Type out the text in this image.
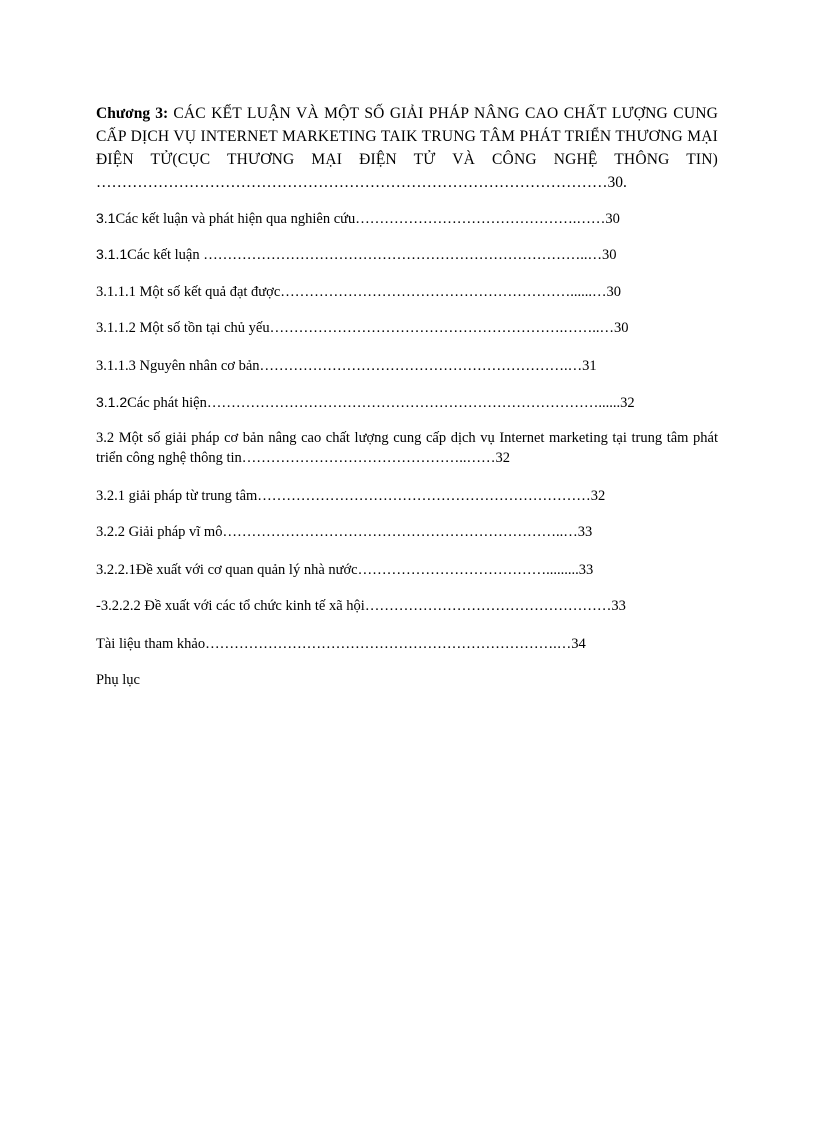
Chương 3: CÁC KẾT LUẬN VÀ MỘT SỐ GIẢI PHÁP NÂNG CAO CHẤT LƯỢNG CUNG CẤP DỊCH VỤ INTERNET MARKETING TAIK TRUNG TÂM PHÁT TRIỂN THƯƠNG MẠI ĐIỆN TỬ(CỤC THƯƠNG MẠI ĐIỆN TỬ VÀ CÔNG NGHỆ THÔNG TIN) ………………………………………………………………………………………30.

3.1Các kết luận và phát hiện qua nghiên cứu……………………………………….……30

3.1.1Các kết luận ……………………………………………………………………..…30

3.1.1.1 Một số kết quả đạt được……………………………………………………......…30

3.1.1.2 Một số tồn tại chủ yếu…………………………………………………….……..…30

3.1.1.3 Nguyên nhân cơ bản……………………………………………………….…31

3.1.2Các phát hiện………………………………………………………………………......32

3.2 Một số giải pháp cơ bản nâng cao chất lượng cung cấp dịch vụ Internet marketing tại trung tâm phát triển công nghệ thông tin………………………………………..……32

3.2.1 giải pháp từ trung tâm……………………………………………………………32

3.2.2 Giải pháp vĩ mô……………………………………………………………..…33

3.2.2.1Đề xuất với cơ quan quản lý nhà nước………………………………….........33

-3.2.2.2 Đề xuất với các tổ chức kinh tế xã hội……………………………………………33

Tài liệu tham khảo……………………………………………………………….…34

Phụ lục
